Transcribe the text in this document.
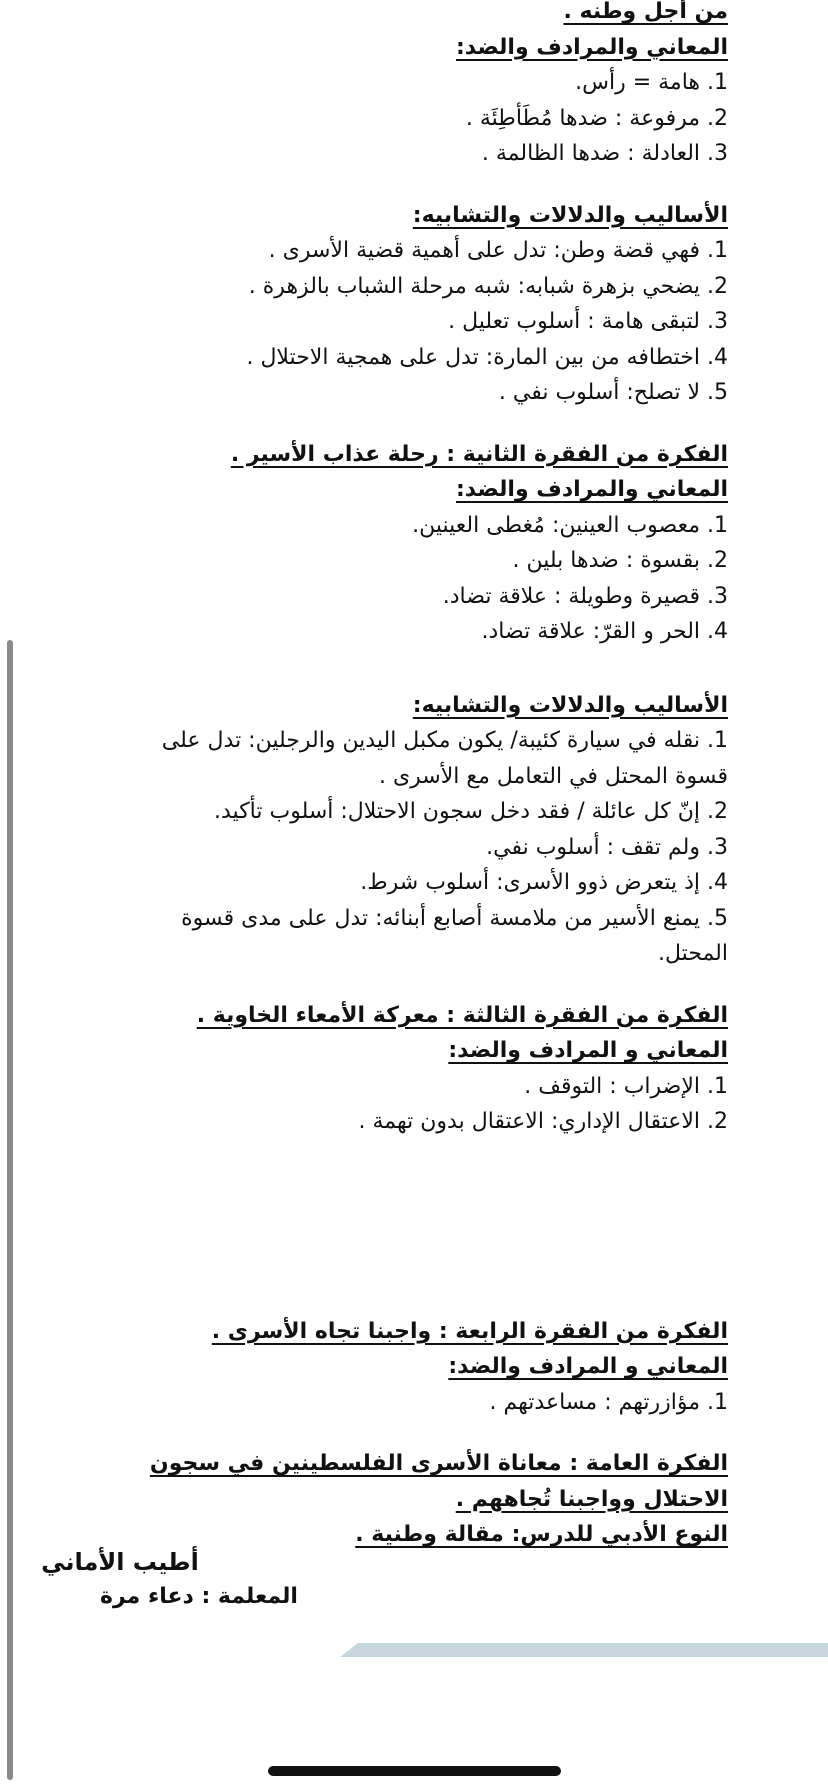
من أجل وطنه .
المعاني والمرادف والضد:
1. هامة = رأس.
2. مرفوعة : ضدها مُطَأطِئَة .
3. العادلة : ضدها الظالمة .
الأساليب والدلالات والتشابيه:
1. فهي قضة وطن: تدل على أهمية قضية الأسرى .
2. يضحي بزهرة شبابه: شبه مرحلة الشباب بالزهرة .
3. لتبقى هامة : أسلوب تعليل .
4. اختطافه من بين المارة: تدل على همجية الاحتلال .
5. لا تصلح: أسلوب نفي .
الفكرة من الفقرة الثانية : رحلة عذاب الأسير .
المعاني والمرادف والضد:
1. معصوب العينين: مُغطى العينين.
2. بقسوة : ضدها بلين .
3. قصيرة وطويلة : علاقة تضاد.
4. الحر و القرّ: علاقة تضاد.
الأساليب والدلالات والتشابيه:
1. نقله في سيارة كئيبة/ يكون مكبل اليدين والرجلين: تدل على
قسوة المحتل في التعامل مع الأسرى .
2. إنّ كل عائلة / فقد دخل سجون الاحتلال: أسلوب تأكيد.
3. ولم تقف : أسلوب نفي.
4. إذ يتعرض ذوو الأسرى: أسلوب شرط.
5. يمنع الأسير من ملامسة أصابع أبنائه: تدل على مدى قسوة
المحتل.
الفكرة من الفقرة الثالثة : معركة الأمعاء الخاوية .
المعاني و المرادف والضد:
1. الإضراب : التوقف .
2. الاعتقال الإداري: الاعتقال بدون تهمة .
الفكرة من الفقرة الرابعة : واجبنا تجاه الأسرى .
المعاني و المرادف والضد:
1. مؤازرتهم : مساعدتهم .
الفكرة العامة : معاناة الأسرى الفلسطينين في سجون
الاحتلال وواجبنا تُجاههم .
النوع الأدبي للدرس: مقالة وطنية .
أطيب الأماني
المعلمة : دعاء مرة
